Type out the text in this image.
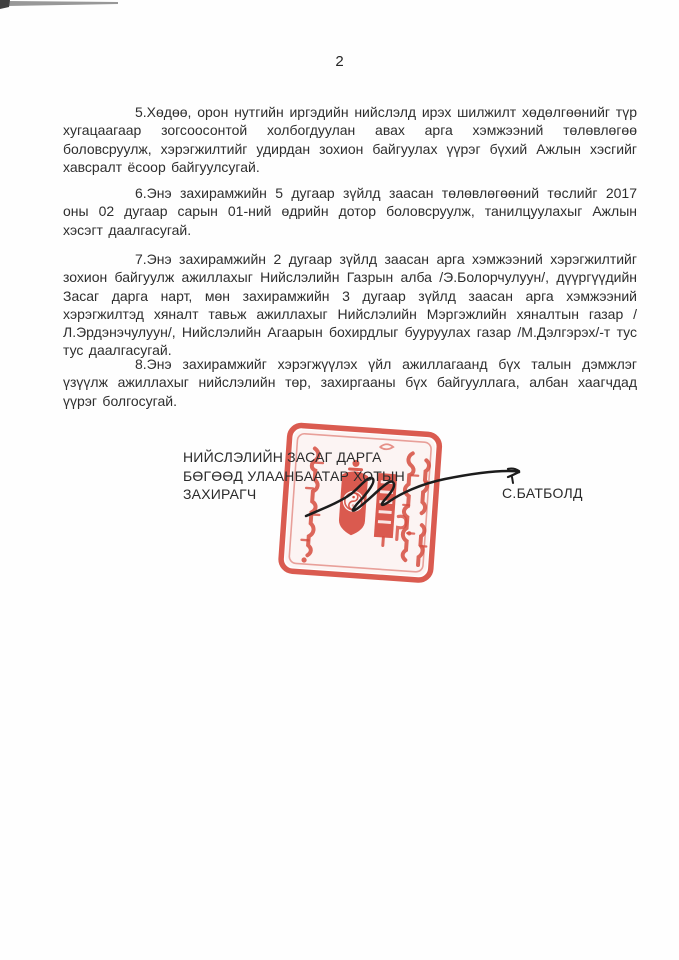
2

5.Хөдөө, орон нутгийн иргэдийн нийслэлд ирэх шилжилт хөдөлгөөнийг түр хугацаагаар зогсоосонтой холбогдуулан авах арга хэмжээний төлөвлөгөө боловсруулж, хэрэгжилтийг удирдан зохион байгуулах үүрэг бүхий Ажлын хэсгийг хавсралт ёсоор байгуулсугай.

6.Энэ захирамжийн 5 дугаар зүйлд заасан төлөвлөгөөний төслийг 2017 оны 02 дугаар сарын 01-ний өдрийн дотор боловсруулж, танилцуулахыг Ажлын хэсэгт даалгасугай.

7.Энэ захирамжийн 2 дугаар зүйлд заасан арга хэмжээний хэрэгжилтийг зохион байгуулж ажиллахыг Нийслэлийн Газрын алба /Э.Болорчулуун/, дүүргүүдийн Засаг дарга нарт, мөн захирамжийн 3 дугаар зүйлд заасан арга хэмжээний хэрэгжилтэд хяналт тавьж ажиллахыг Нийслэлийн Мэргэжлийн хяналтын газар /Л.Эрдэнэчулуун/, Нийслэлийн Агаарын бохирдлыг бууруулах газар /М.Дэлгэрэх/-т тус тус даалгасугай.

8.Энэ захирамжийг хэрэгжүүлэх үйл ажиллагаанд бүх талын дэмжлэг үзүүлж ажиллахыг нийслэлийн төр, захиргааны бүх байгууллага, албан хаагчдад үүрэг болгосугай.

НИЙСЛЭЛИЙН ЗАСАГ ДАРГА
БӨГӨӨД УЛААНБААТАР ХОТЫН
ЗАХИРАГЧ	С.БАТБОЛД
